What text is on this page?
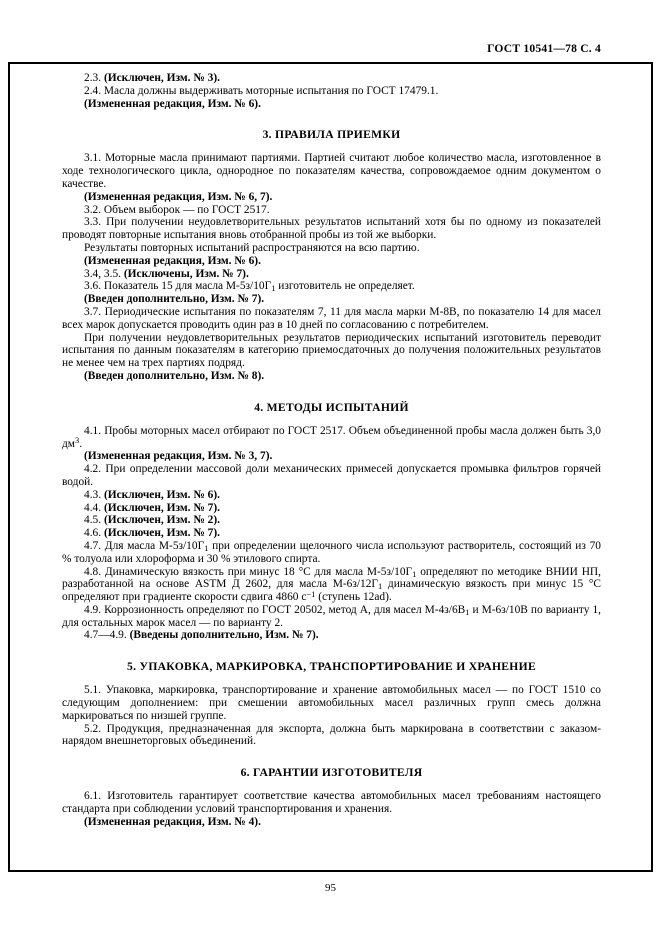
ГОСТ 10541—78 С. 4

2.3. (Исключен, Изм. № 3).

2.4. Масла должны выдерживать моторные испытания по ГОСТ 17479.1.

(Измененная редакция, Изм. № 6).

3. ПРАВИЛА ПРИЕМКИ

3.1. Моторные масла принимают партиями. Партией считают любое количество масла, изготовленное в ходе технологического цикла, однородное по показателям качества, сопровождаемое одним документом о качестве.

(Измененная редакция, Изм. № 6, 7).

3.2. Объем выборок — по ГОСТ 2517.

3.3. При получении неудовлетворительных результатов испытаний хотя бы по одному из показателей проводят повторные испытания вновь отобранной пробы из той же выборки.

Результаты повторных испытаний распространяются на всю партию.

(Измененная редакция, Изм. № 6).

3.4, 3.5. (Исключены, Изм. № 7).

3.6. Показатель 15 для масла $М-5з/10Г_1$ изготовитель не определяет.

(Введен дополнительно, Изм. № 7).

3.7. Периодические испытания по показателям 7, 11 для масла марки М-8В, по показателю 14 для масел всех марок допускается проводить один раз в 10 дней по согласованию с потребителем.

При получении неудовлетворительных результатов периодических испытаний изготовитель переводит испытания по данным показателям в категорию приемосдаточных до получения положительных результатов не менее чем на трех партиях подряд.

(Введен дополнительно, Изм. № 8).

4. МЕТОДЫ ИСПЫТАНИЙ

4.1. Пробы моторных масел отбирают по ГОСТ 2517. Объем объединенной пробы масла должен быть 3,0 $дм^3$.

(Измененная редакция, Изм. № 3, 7).

4.2. При определении массовой доли механических примесей допускается промывка фильтров горячей водой.

4.3. (Исключен, Изм. № 6).

4.4. (Исключен, Изм. № 7).

4.5. (Исключен, Изм. № 2).

4.6. (Исключен, Изм. № 7).

4.7. Для масла $М-5з/10Г_1$ при определении щелочного числа используют растворитель, состоящий из 70 % толуола или хлороформа и 30 % этилового спирта.

4.8. Динамическую вязкость при минус 18 °С для масла $М-5з/10Г_1$ определяют по методике ВНИИ НП, разработанной на основе АSТМ Д 2602, для масла $М-6з/12Г_1$ динамическую вязкость при минус 15 °С определяют при градиенте скорости сдвига 4860 $с^{-1}$ (ступень 12ad).

4.9. Коррозионность определяют по ГОСТ 20502, метод А, для масел $М-4з/6В_1$ и М-6з/10В по варианту 1, для остальных марок масел — по варианту 2.

4.7—4.9. (Введены дополнительно, Изм. № 7).

5. УПАКОВКА, МАРКИРОВКА, ТРАНСПОРТИРОВАНИЕ И ХРАНЕНИЕ

5.1. Упаковка, маркировка, транспортирование и хранение автомобильных масел — по ГОСТ 1510 со следующим дополнением: при смешении автомобильных масел различных групп смесь должна маркироваться по низшей группе.

5.2. Продукция, предназначенная для экспорта, должна быть маркирована в соответствии с заказом-нарядом внешнеторговых объединений.

6. ГАРАНТИИ ИЗГОТОВИТЕЛЯ

6.1. Изготовитель гарантирует соответствие качества автомобильных масел требованиям настоящего стандарта при соблюдении условий транспортирования и хранения.

(Измененная редакция, Изм. № 4).

95
